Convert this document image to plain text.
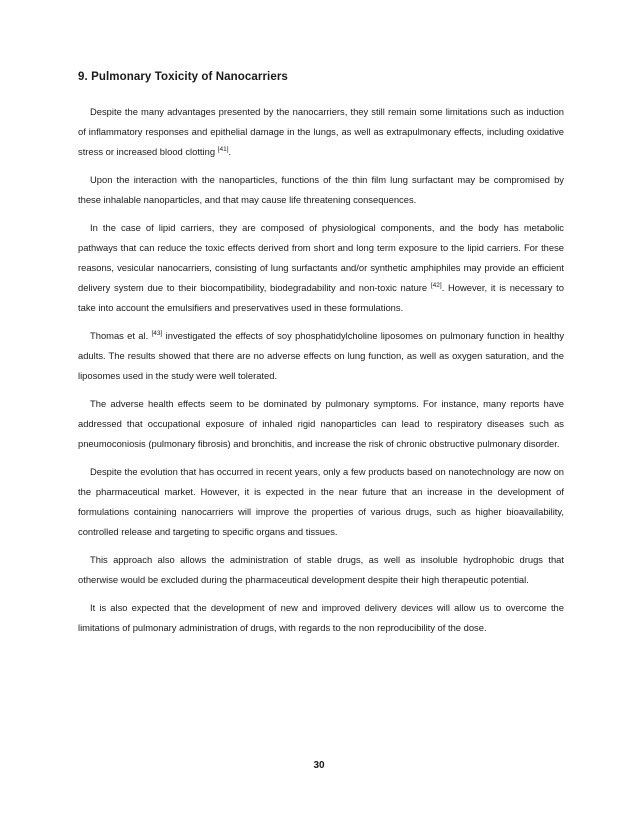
9. Pulmonary Toxicity of Nanocarriers

Despite the many advantages presented by the nanocarriers, they still remain some limitations such as induction of inflammatory responses and epithelial damage in the lungs, as well as extrapulmonary effects, including oxidative stress or increased blood clotting [41].

Upon the interaction with the nanoparticles, functions of the thin film lung surfactant may be compromised by these inhalable nanoparticles, and that may cause life threatening consequences.

In the case of lipid carriers, they are composed of physiological components, and the body has metabolic pathways that can reduce the toxic effects derived from short and long term exposure to the lipid carriers. For these reasons, vesicular nanocarriers, consisting of lung surfactants and/or synthetic amphiphiles may provide an efficient delivery system due to their biocompatibility, biodegradability and non-toxic nature [42]. However, it is necessary to take into account the emulsifiers and preservatives used in these formulations.

Thomas et al. [43] investigated the effects of soy phosphatidylcholine liposomes on pulmonary function in healthy adults. The results showed that there are no adverse effects on lung function, as well as oxygen saturation, and the liposomes used in the study were well tolerated.

The adverse health effects seem to be dominated by pulmonary symptoms. For instance, many reports have addressed that occupational exposure of inhaled rigid nanoparticles can lead to respiratory diseases such as pneumoconiosis (pulmonary fibrosis) and bronchitis, and increase the risk of chronic obstructive pulmonary disorder.

Despite the evolution that has occurred in recent years, only a few products based on nanotechnology are now on the pharmaceutical market. However, it is expected in the near future that an increase in the development of formulations containing nanocarriers will improve the properties of various drugs, such as higher bioavailability, controlled release and targeting to specific organs and tissues.

This approach also allows the administration of stable drugs, as well as insoluble hydrophobic drugs that otherwise would be excluded during the pharmaceutical development despite their high therapeutic potential.

It is also expected that the development of new and improved delivery devices will allow us to overcome the limitations of pulmonary administration of drugs, with regards to the non reproducibility of the dose.

30
